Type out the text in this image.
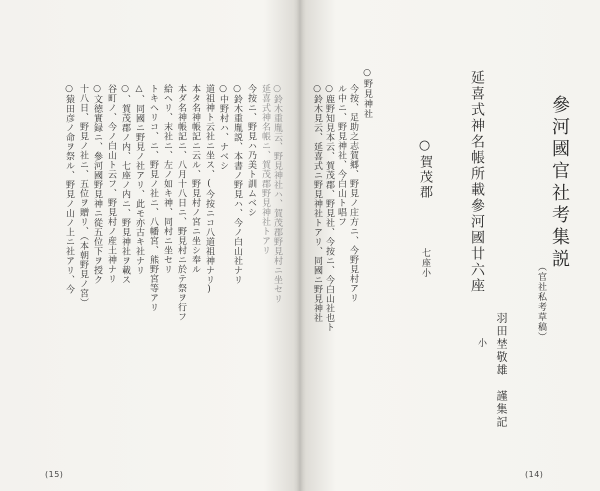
參河國官社考集説
（官社私考草稿）
羽田埜敬雄　謹集記
延喜式神名帳所載參河國廿六座
小
○賀茂郡
七座小
○野見神社
今按、足助之志賀郷、野見ノ庄方ニ、今野見村アリ
ル中ニ、野見神社、今白山ト唱フ
○鹿野知見本云、賀茂郡、野見社、今按ニ、今白山社也ト
○鈴木見云、延喜式ニ野見神社トアリ、同國ニ野見神社
(14)
○鈴木重胤云、野見神社ハ、賀茂郡野見村ニ坐セリ
延喜式神名帳ニ、賀茂郡野見神社トアリ
今按ニ、野見ハ乃美ト訓ムベシ
○鈴木重胤説、本書ノ野見ハ、今ノ白山社ナリ
○中野村ハ、ナベシ
道祖神ト云社ニ坐ス、(今按ニコ八道祖神ナリ)
本タ名神帳記ニ云ル、野見村ノ宮ニ坐シ奉ル
本ダ名神帳記ニ、八月十八日ニ、野見村ニ於テ祭ヲ行フ
給ヘリ、末社ニ、左ノ如キ神、同村ニ坐セリ
トキヘリコ、ニ、野見ノ社ニ、八幡宮、熊野宮等アリ
△、同國ニ野見ノ社アリ、此モ亦古キ社ナリ
○、賀茂郡ノ内、七座ノ内ニ、野見神社ヲ載ス
谷町ノ、今ノ白山ト云フ、野見村ノ産土神ナリ
○文徳實録ニ、參河國野見神ニ從五位下ヲ授ク
十八日、野見ノ社ニ、五位ヲ贈リ、（本朝野見ノ宮）
○猿田彦ノ命ヲ祭ル、野見ノ山ノ上ニ社アリ、今
(15)
